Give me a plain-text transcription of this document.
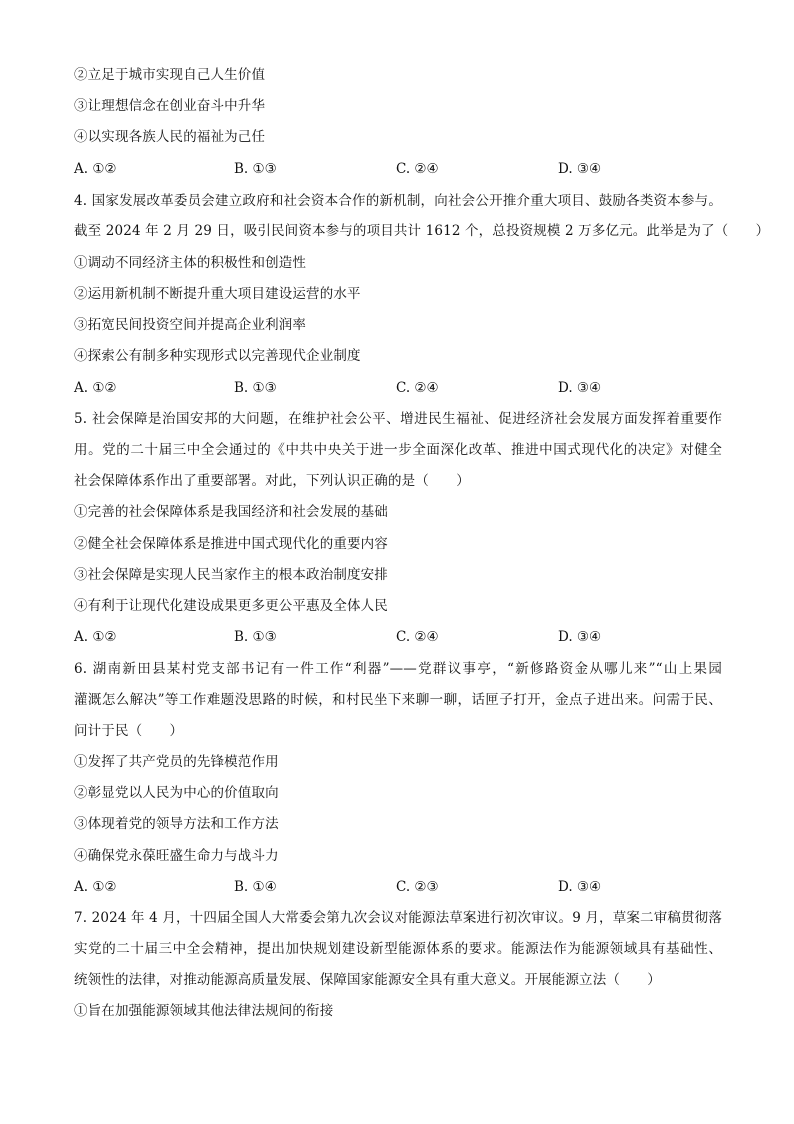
②立足于城市实现自己人生价值
③让理想信念在创业奋斗中升华
④以实现各族人民的福祉为己任
A. ①②	B. ①③	C. ②④	D. ③④
4. 国家发展改革委员会建立政府和社会资本合作的新机制，向社会公开推介重大项目、鼓励各类资本参与。
截至 2024 年 2 月 29 日，吸引民间资本参与的项目共计 1612 个，总投资规模 2 万多亿元。此举是为了（　　）
①调动不同经济主体的积极性和创造性
②运用新机制不断提升重大项目建设运营的水平
③拓宽民间投资空间并提高企业利润率
④探索公有制多种实现形式以完善现代企业制度
A. ①②	B. ①③	C. ②④	D. ③④
5. 社会保障是治国安邦的大问题，在维护社会公平、增进民生福祉、促进经济社会发展方面发挥着重要作
用。党的二十届三中全会通过的《中共中央关于进一步全面深化改革、推进中国式现代化的决定》对健全
社会保障体系作出了重要部署。对此，下列认识正确的是（　　）
①完善的社会保障体系是我国经济和社会发展的基础
②健全社会保障体系是推进中国式现代化的重要内容
③社会保障是实现人民当家作主的根本政治制度安排
④有利于让现代化建设成果更多更公平惠及全体人民
A. ①②	B. ①③	C. ②④	D. ③④
6. 湖南新田县某村党支部书记有一件工作“利器”——党群议事亭，“新修路资金从哪儿来”“山上果园
灌溉怎么解决”等工作难题没思路的时候，和村民坐下来聊一聊，话匣子打开，金点子进出来。问需于民、
问计于民（　　）
①发挥了共产党员的先锋模范作用
②彰显党以人民为中心的价值取向
③体现着党的领导方法和工作方法
④确保党永葆旺盛生命力与战斗力
A. ①②	B. ①④	C. ②③	D. ③④
7. 2024 年 4 月，十四届全国人大常委会第九次会议对能源法草案进行初次审议。9 月，草案二审稿贯彻落
实党的二十届三中全会精神，提出加快规划建设新型能源体系的要求。能源法作为能源领域具有基础性、
统领性的法律，对推动能源高质量发展、保障国家能源安全具有重大意义。开展能源立法（　　）
①旨在加强能源领域其他法律法规间的衔接
